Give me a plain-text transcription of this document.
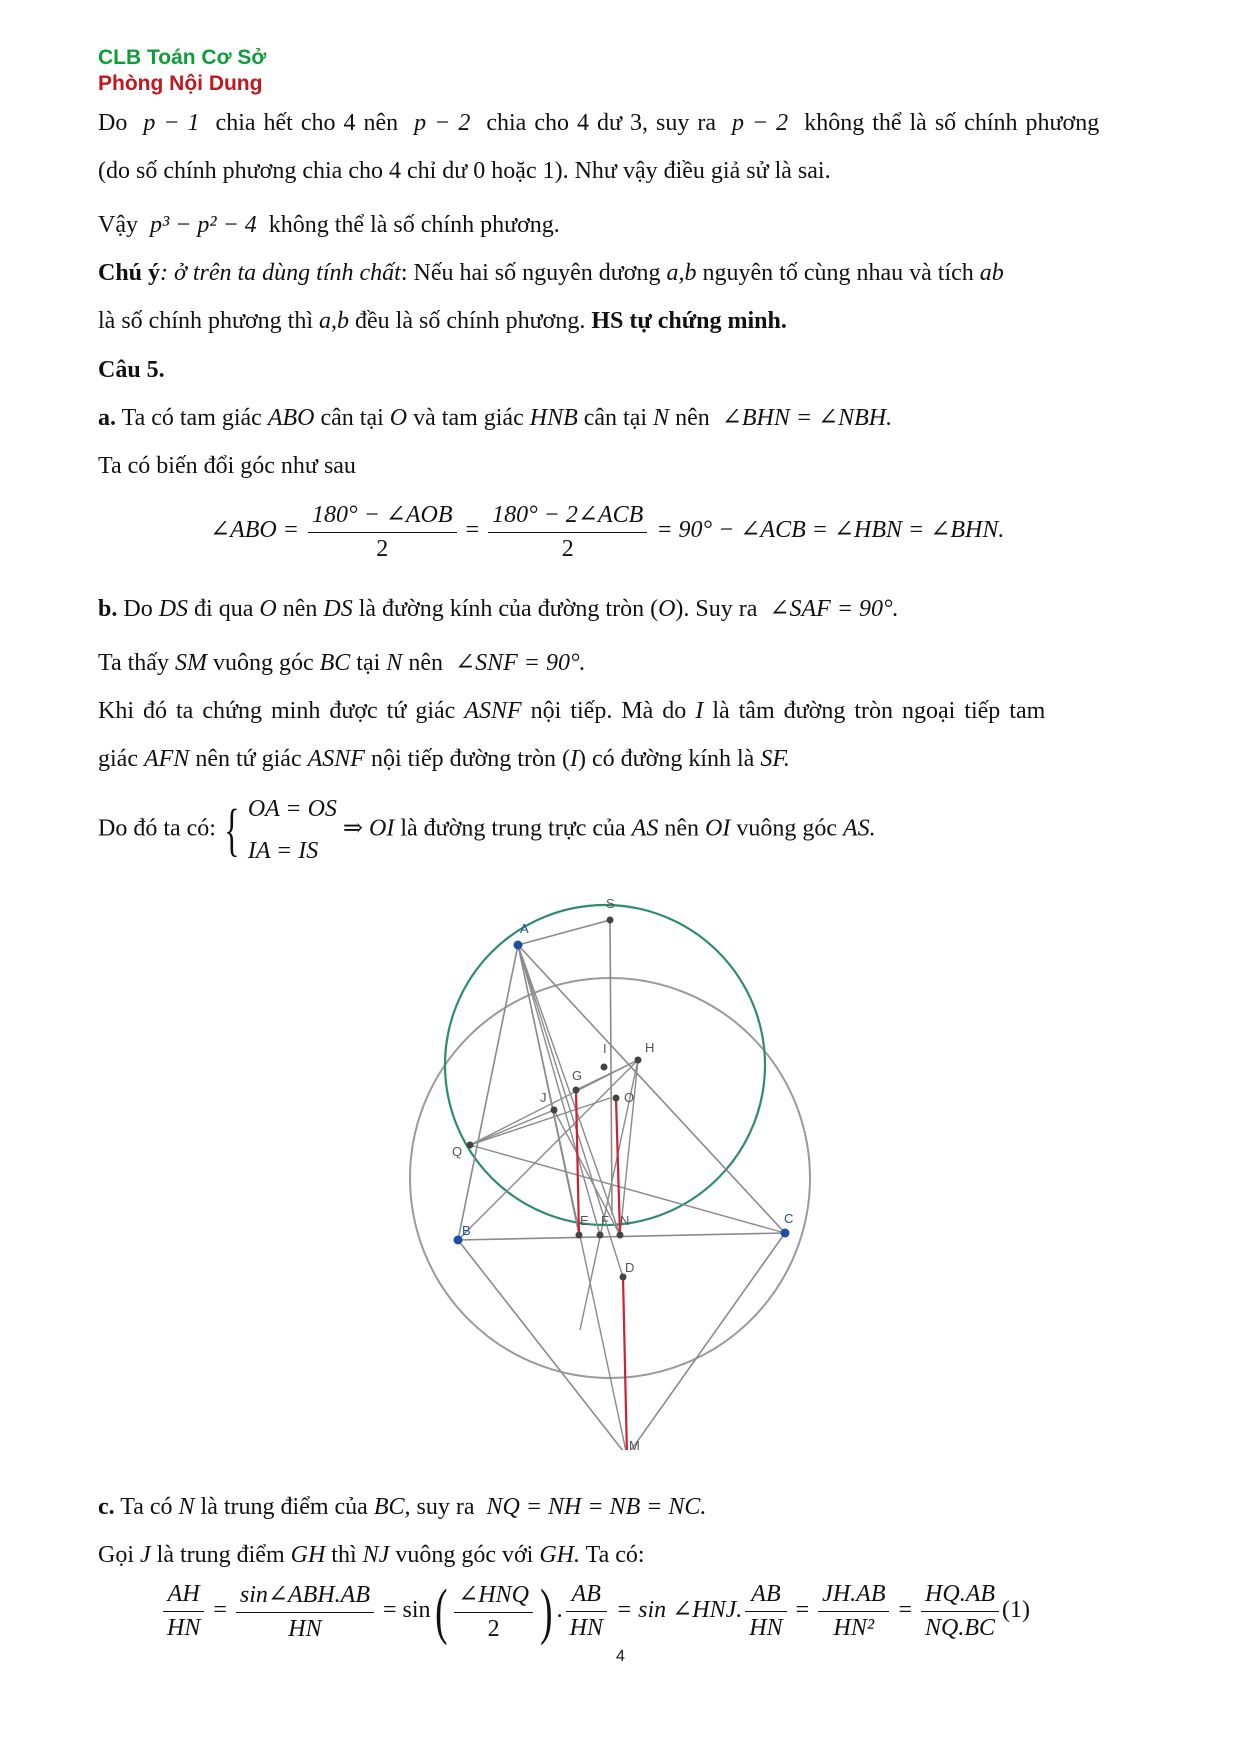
CLB Toán Cơ Sở
Phòng Nội Dung
Do p − 1 chia hết cho 4 nên p − 2 chia cho 4 dư 3, suy ra p − 2 không thể là số chính phương
(do số chính phương chia cho 4 chỉ dư 0 hoặc 1). Như vậy điều giả sử là sai.
Vậy p³ − p² − 4 không thể là số chính phương.
Chú ý: ở trên ta dùng tính chất: Nếu hai số nguyên dương a,b nguyên tố cùng nhau và tích ab
là số chính phương thì a,b đều là số chính phương. HS tự chứng minh.
Câu 5.
a. Ta có tam giác ABO cân tại O và tam giác HNB cân tại N nên ∠BHN = ∠NBH.
Ta có biến đổi góc như sau
∠ABO = $\frac{\text{180° − ∠AOB}}{2} = \frac{\text{180° − 2∠ACB}}{2} = 90^\circ$ − ∠ACB = ∠HBN = ∠BHN.
b. Do DS đi qua O nên DS là đường kính của đường tròn (O). Suy ra ∠SAF = 90°.
Ta thấy SM vuông góc BC tại N nên ∠SNF = 90°.
Khi đó ta chứng minh được tứ giác ASNF nội tiếp. Mà do I là tâm đường tròn ngoại tiếp tam
giác AFN nên tứ giác ASNF nội tiếp đường tròn (I) có đường kính là SF.
Do đó ta có: { OA = OS
IA = IS ⇒ OI là đường trung trực của AS nên OI vuông góc AS.
S
A
H
I
G
J	O
Q
B
E F N	C
D
M
c. Ta có N là trung điểm của BC, suy ra NQ = NH = NB = NC.
Gọi J là trung điểm GH thì NJ vuông góc với GH. Ta có:
$\frac{AH}{HN} = \frac{\text{sin∠ABH.AB}}{HN} = \sin( \frac{\text{∠HNQ}}{2}$ ) . $\frac{AB}{HN} = \sin$ ∠HNJ. $\frac{AB}{HN} = \frac{JH.AB}{\text{HN²}} = \frac{HQ.AB}{NQ.BC} (1)$
4
